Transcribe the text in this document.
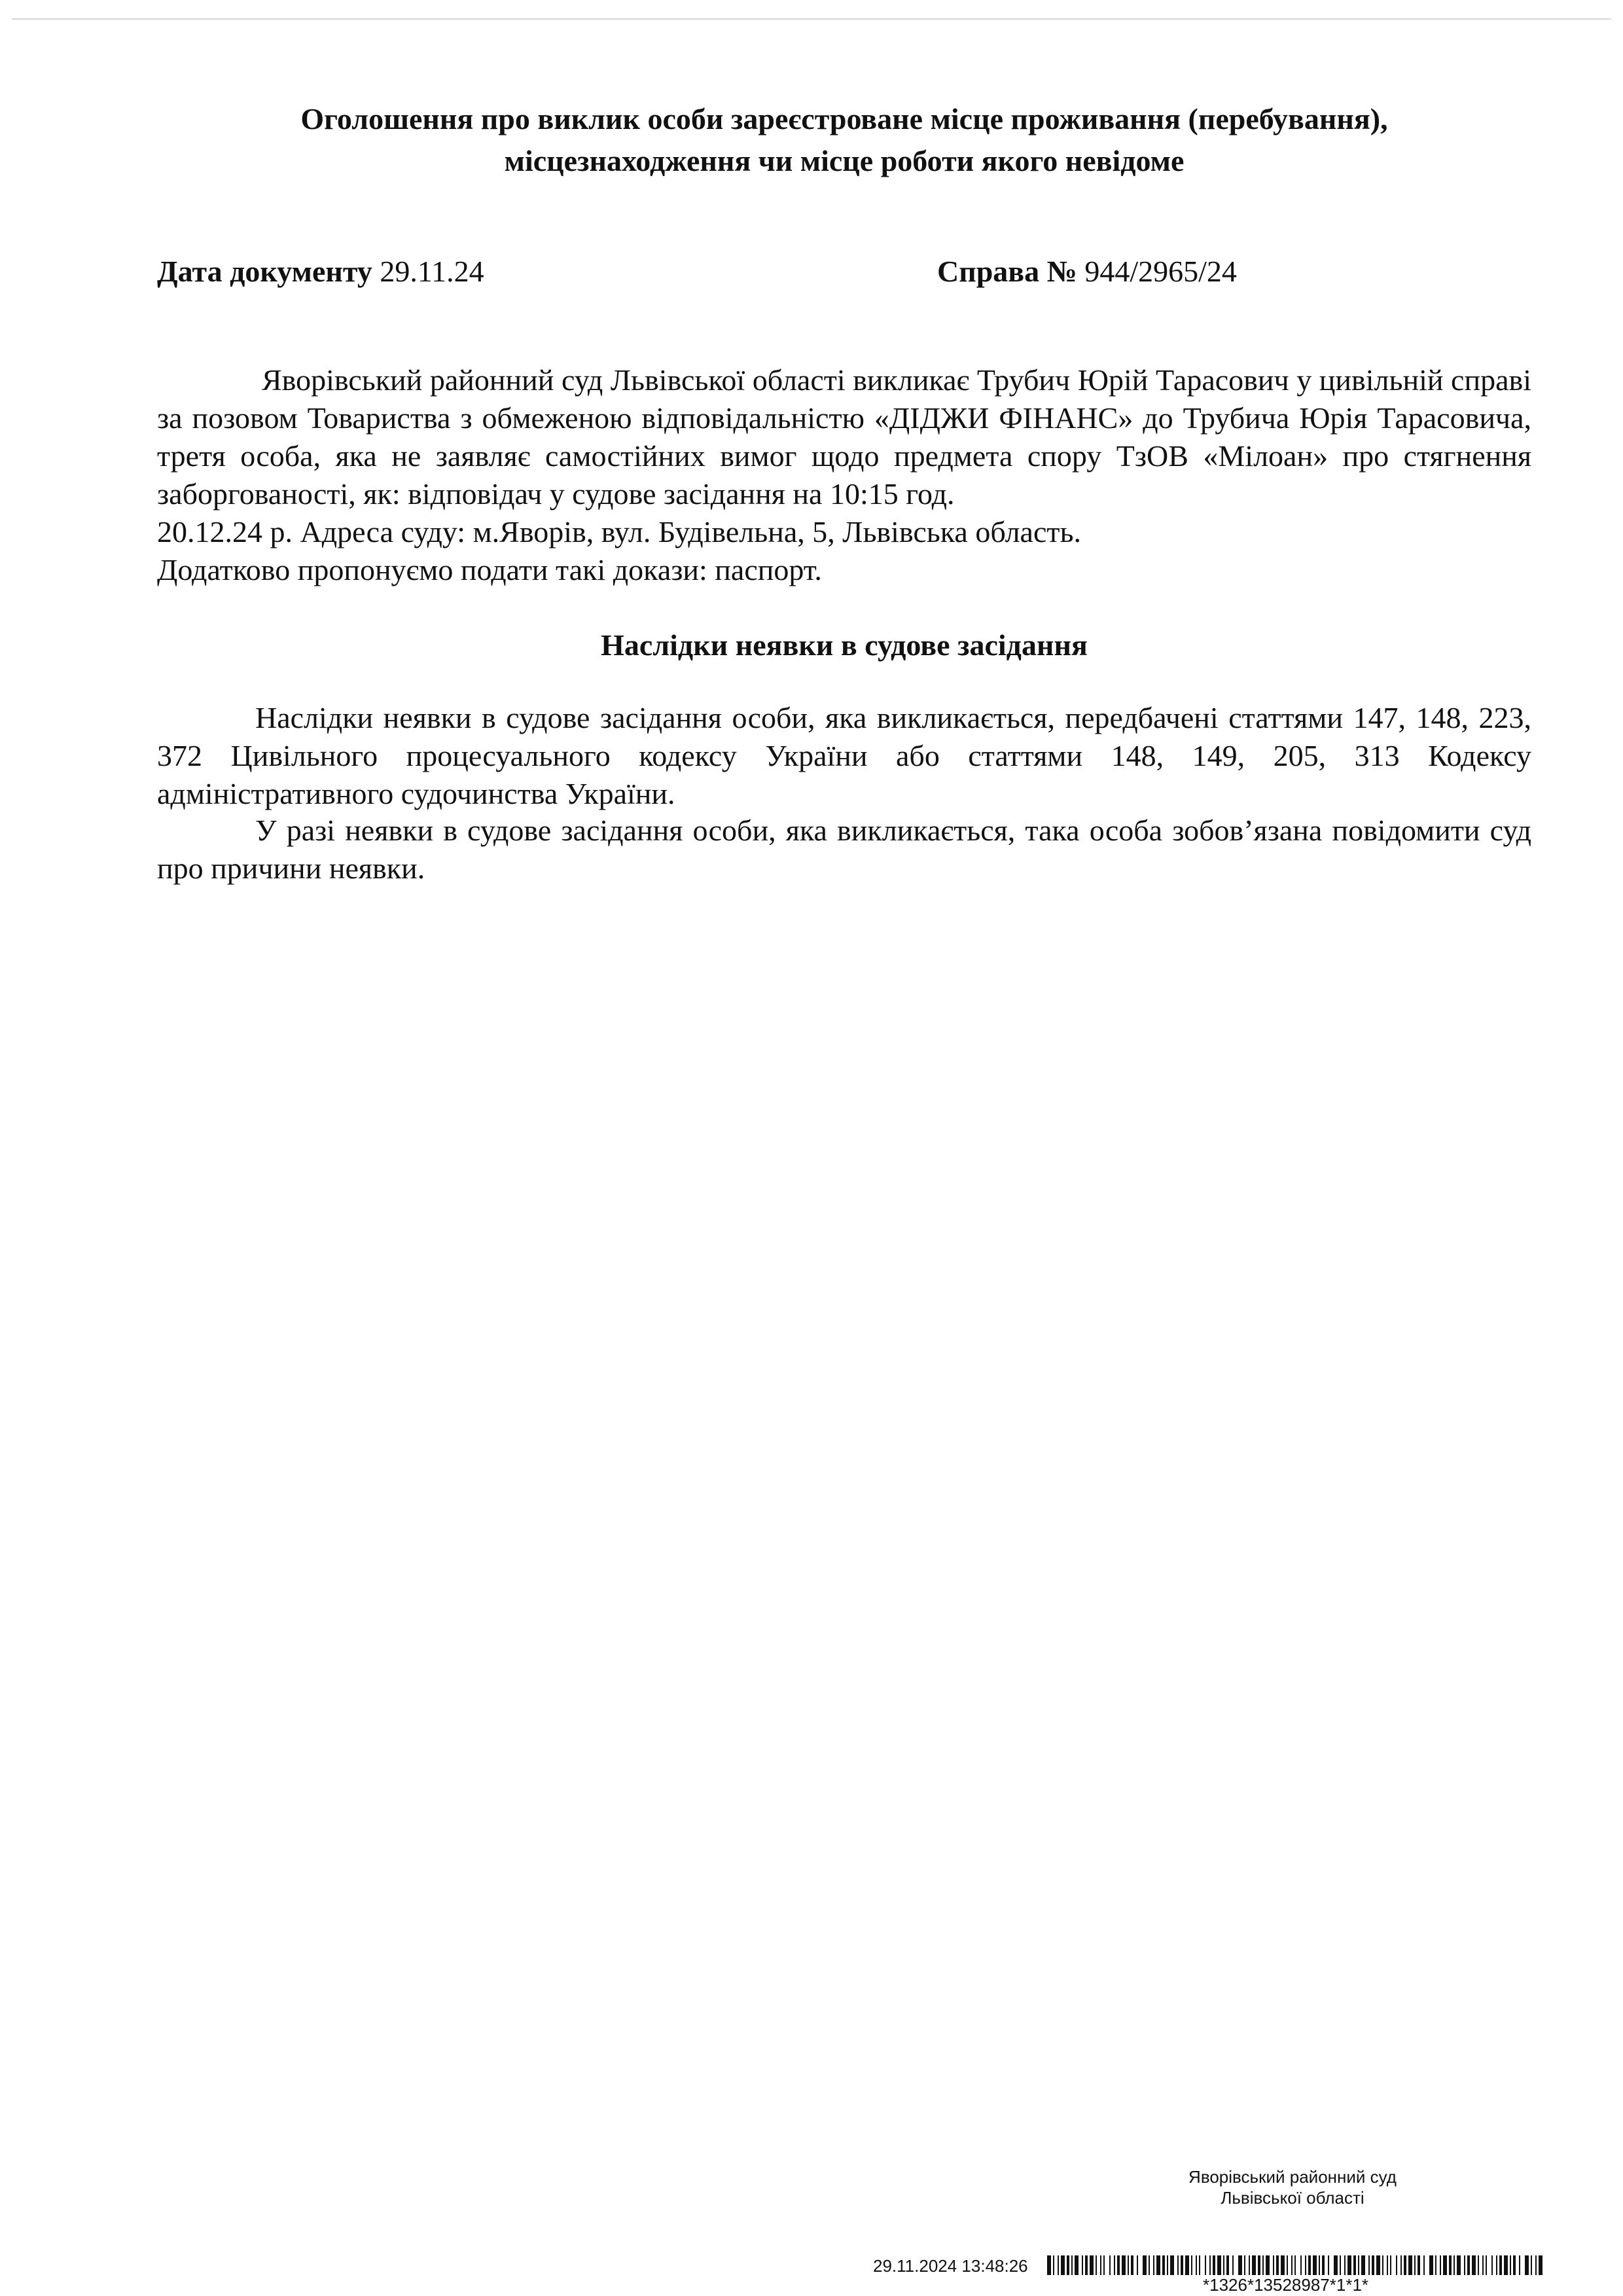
Оголошення про виклик особи зареєстроване місце проживання (перебування),
місцезнаходження чи місце роботи якого невідоме
Дата документу 29.11.24	Справа № 944/2965/24
Яворівський районний суд Львівської області викликає Трубич Юрій Тарасович у цивільній справі за позовом Товариства з обмеженою відповідальністю «ДІДЖИ ФІНАНС» до Трубича Юрія Тарасовича, третя особа, яка не заявляє самостійних вимог щодо предмета спору ТзОВ «Мілоан» про стягнення заборгованості, як: відповідач у судове засідання на 10:15 год.
20.12.24 р. Адреса суду: м.Яворів, вул. Будівельна, 5, Львівська область.
Додатково пропонуємо подати такі докази: паспорт.
Наслідки неявки в судове засідання
Наслідки неявки в судове засідання особи, яка викликається, передбачені статтями 147, 148, 223, 372 Цивільного процесуального кодексу України або статтями 148, 149, 205, 313 Кодексу адміністративного судочинства України.
У разі неявки в судове засідання особи, яка викликається, така особа зобов’язана повідомити суд про причини неявки.
Яворівський районний суд
Львівської області
29.11.2024 13:48:26
*1326*13528987*1*1*
